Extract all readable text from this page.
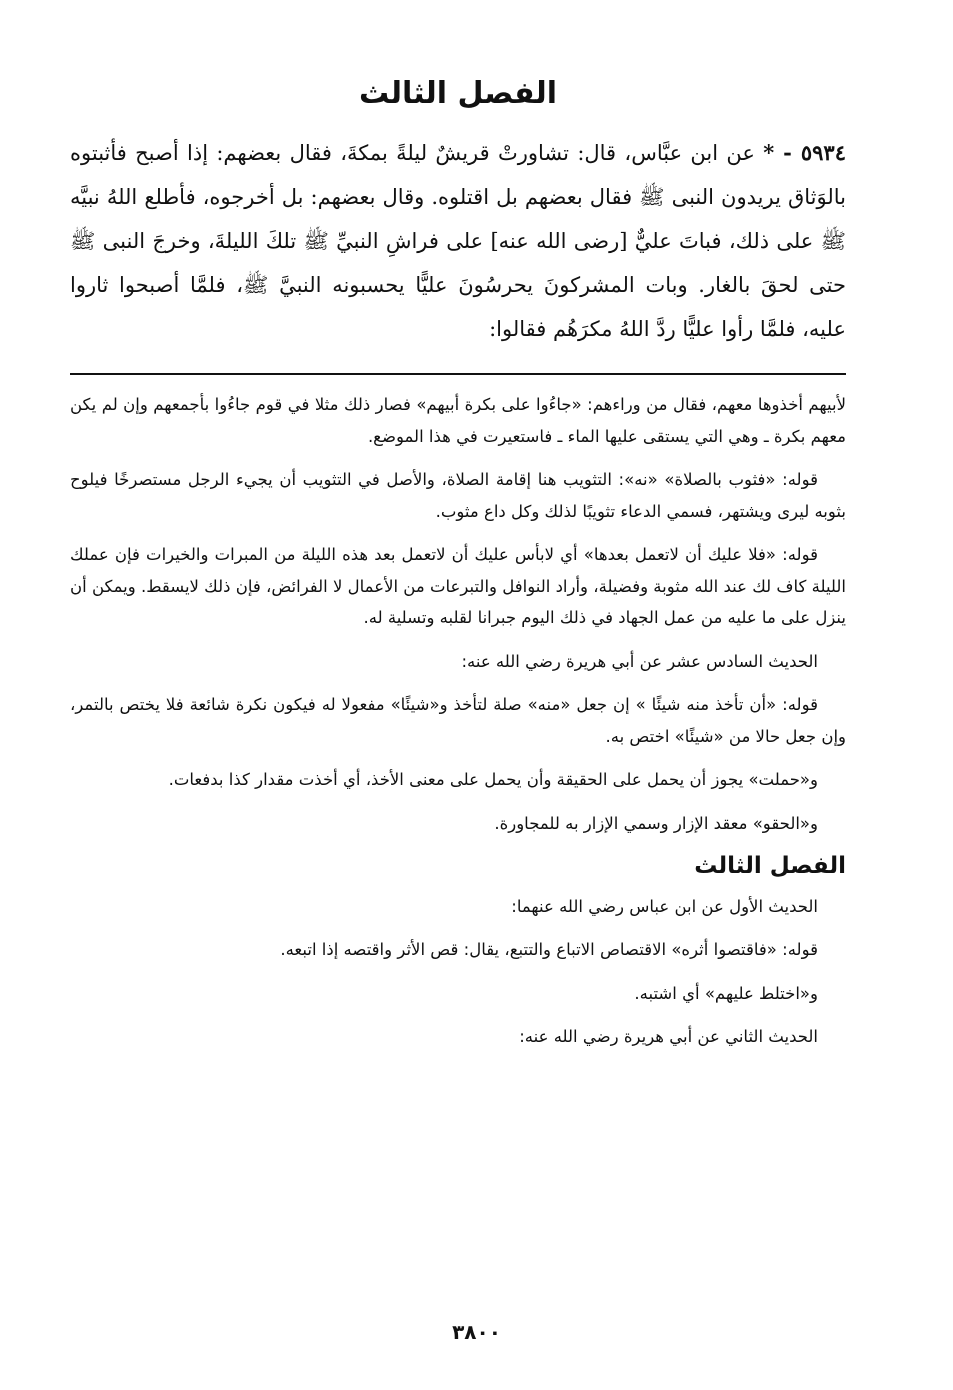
الفصل الثالث

٥٩٣٤ - * عن ابن عبَّاس، قال: تشاورتْ قريشٌ ليلةً بمكةَ، فقال بعضهم: إذا أصبح فأثبتوه بالوَثاق يريدون النبى ﷺ فقال بعضهم بل اقتلوه. وقال بعضهم: بل أخرجوه، فأطلع اللهُ نبيَّه ﷺ على ذلك، فباتَ عليٌّ [رضى الله عنه] على فراشِ النبيِّ ﷺ تلكَ الليلةَ، وخرجَ النبى ﷺ حتى لحقَ بالغار. وبات المشركونَ يحرسُونَ عليًّا يحسبونه النبيَّ ﷺ، فلمَّا أصبحوا ثاروا عليه، فلمَّا رأوا عليًّا ردَّ اللهُ مكرَهُم فقالوا:

لأبيهم أخذوها معهم، فقال من وراءهم: «جاءُوا على بكرة أبيهم» فصار ذلك مثلا في قوم جاءُوا بأجمعهم وإن لم يكن معهم بكرة ـ وهي التي يستقى عليها الماء ـ فاستعيرت في هذا الموضع.

قوله: «فثوب بالصلاة» «نه»: التثويب هنا إقامة الصلاة، والأصل في التثويب أن يجيء الرجل مستصرخًا فيلوح بثوبه ليرى ويشتهر، فسمي الدعاء تثويبًا لذلك وكل داع مثوب.

قوله: «فلا عليك أن لاتعمل بعدها» أي لابأس عليك أن لاتعمل بعد هذه الليلة من المبرات والخيرات فإن عملك الليلة كاف لك عند الله مثوبة وفضيلة، وأراد النوافل والتبرعات من الأعمال لا الفرائض، فإن ذلك لايسقط. ويمكن أن ينزل على ما عليه من عمل الجهاد في ذلك اليوم جبرانا لقلبه وتسلية له.

الحديث السادس عشر عن أبي هريرة رضي الله عنه:

قوله: «أن تأخذ منه شيئًا » إن جعل «منه» صلة لتأخذ و«شيئًا» مفعولا له فيكون نكرة شائعة فلا يختص بالتمر، وإن جعل حالا من «شيئًا» اختص به.

و«حملت» يجوز أن يحمل على الحقيقة وأن يحمل على معنى الأخذ، أي أخذت مقدار كذا بدفعات.

و«الحقو» معقد الإزار وسمي الإزار به للمجاورة.

الفصل الثالث

الحديث الأول عن ابن عباس رضي الله عنهما:

قوله: «فاقتصوا أثره» الاقتصاص الاتباع والتتبع، يقال: قص الأثر واقتصه إذا اتبعه.

و«اختلط عليهم» أي اشتبه.

الحديث الثاني عن أبي هريرة رضي الله عنه:

٣٨٠٠
